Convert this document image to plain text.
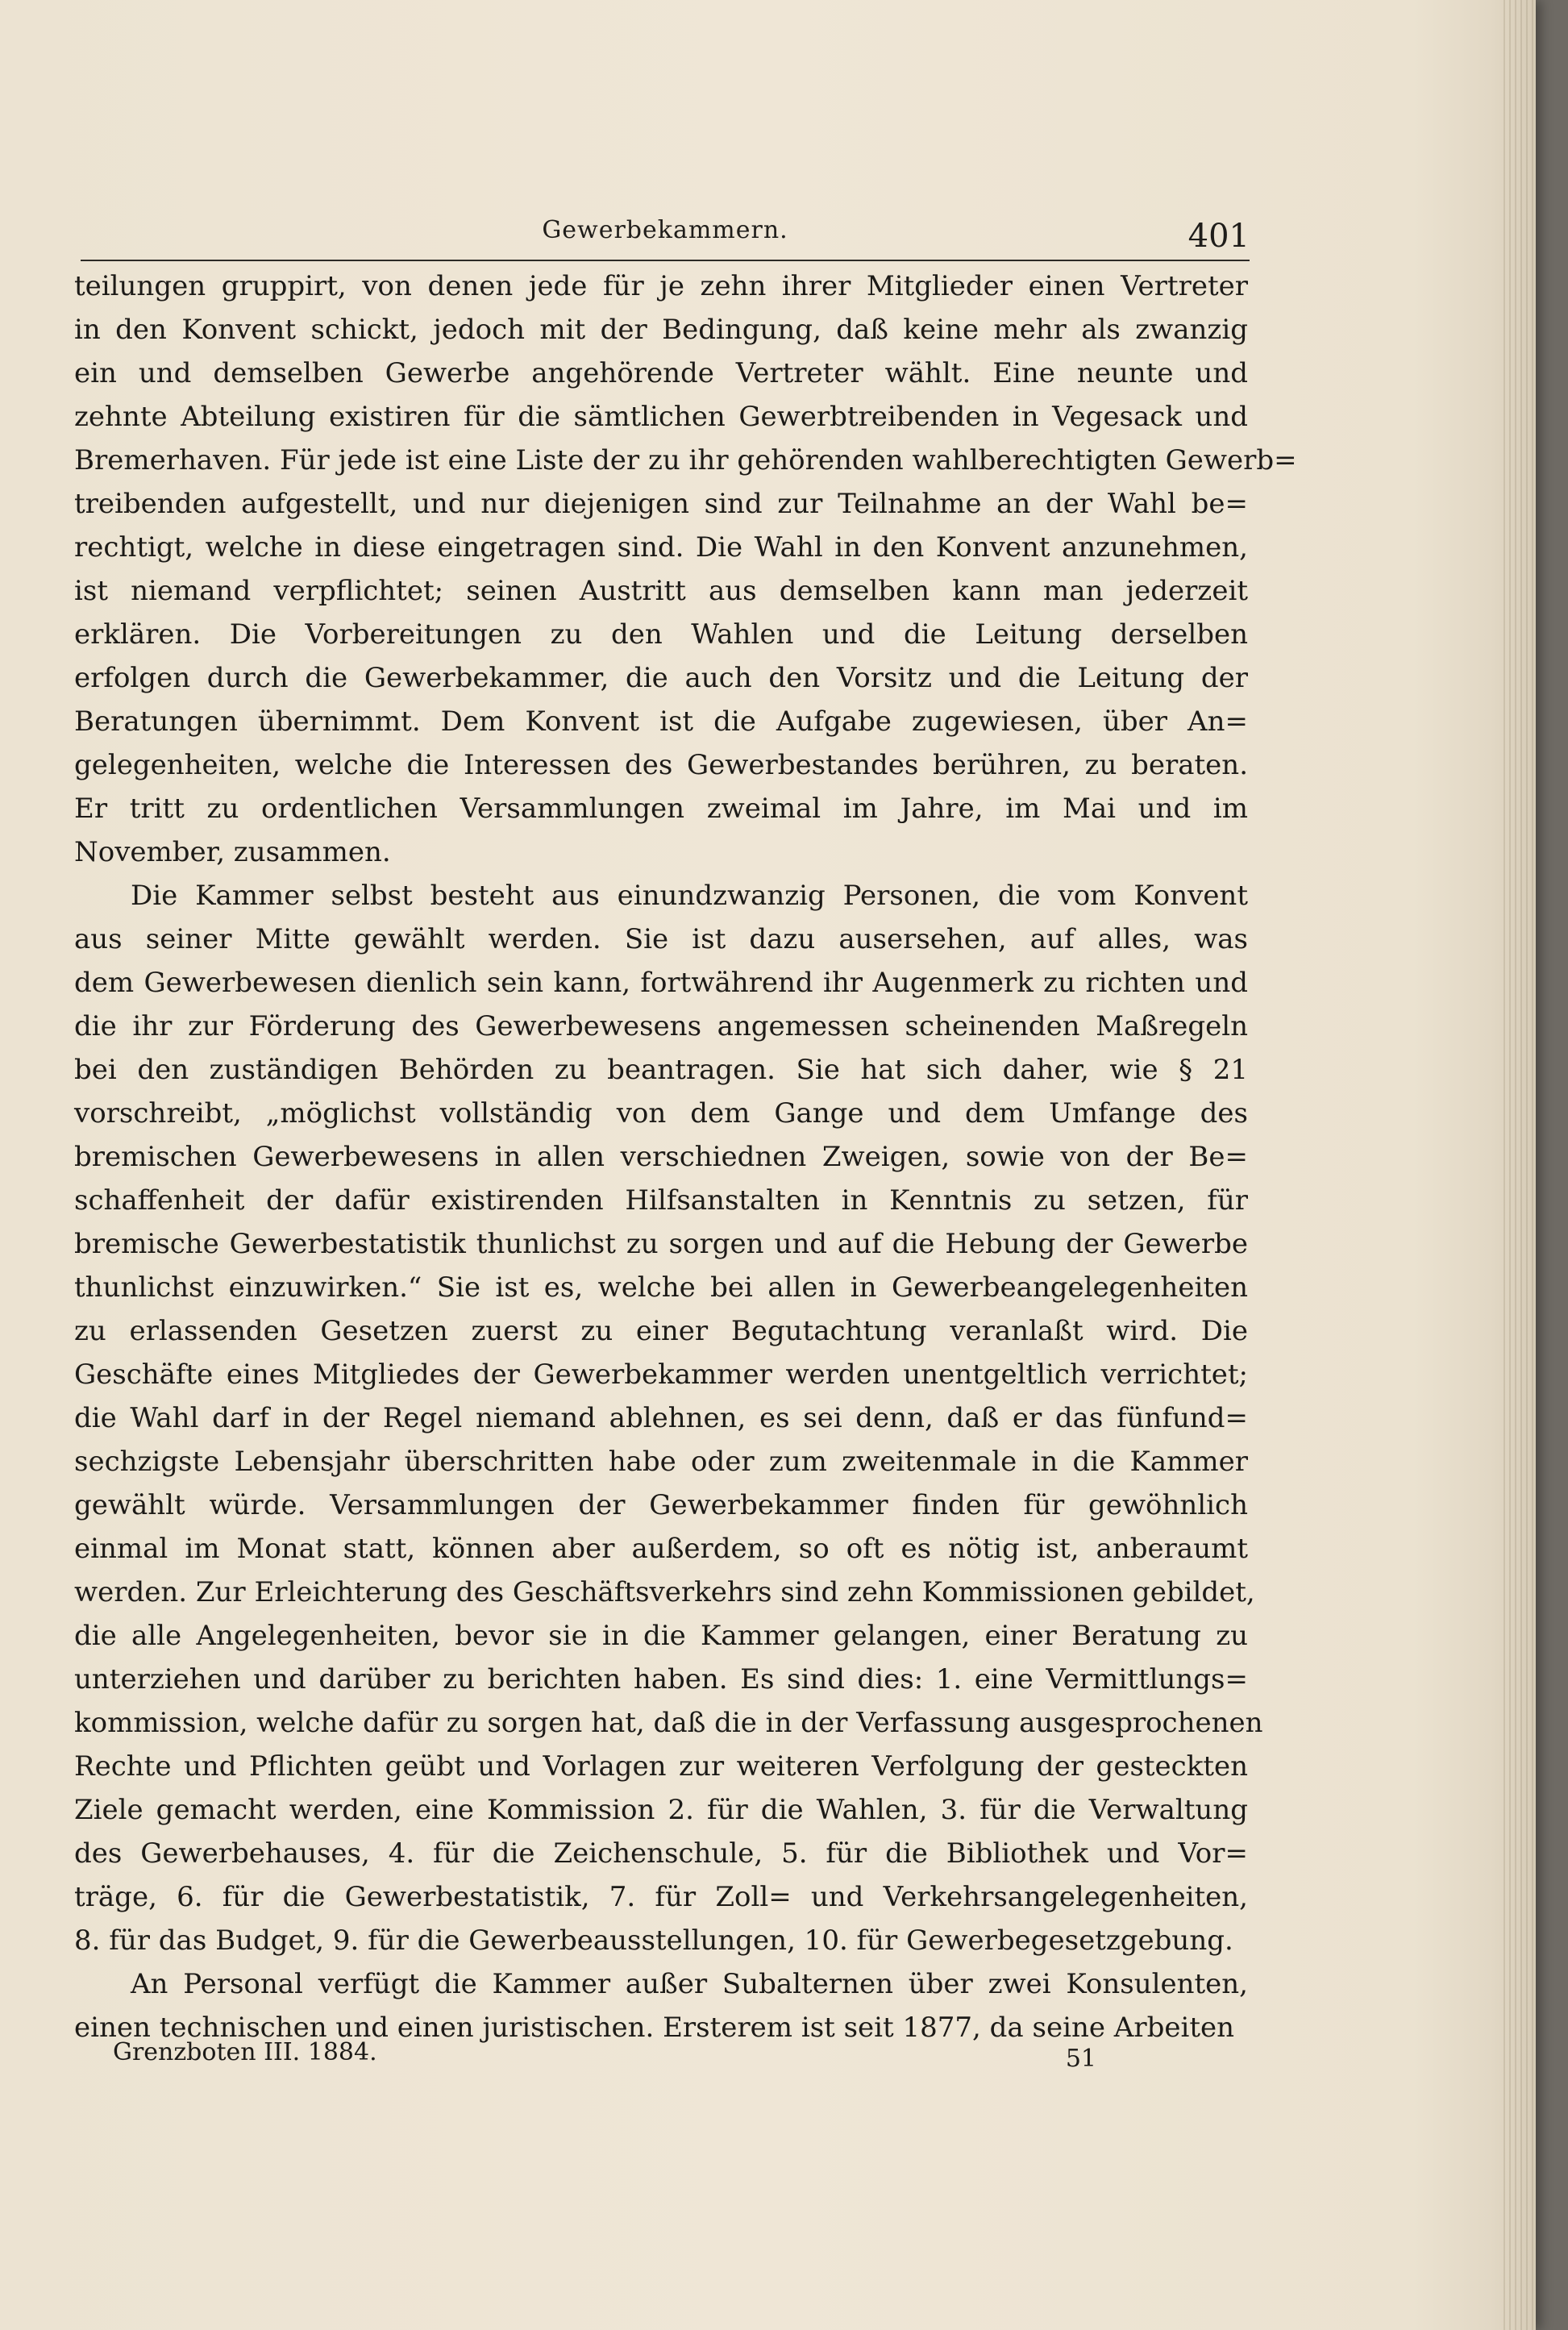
Gewerbekammern.	401
teilungen gruppirt, von denen jede für je zehn ihrer Mitglieder einen Vertreter
in den Konvent schickt, jedoch mit der Bedingung, daß keine mehr als zwanzig
ein und demselben Gewerbe angehörende Vertreter wählt. Eine neunte und
zehnte Abteilung existiren für die sämtlichen Gewerbtreibenden in Vegesack und
Bremerhaven. Für jede ist eine Liste der zu ihr gehörenden wahlberechtigten Gewerb=
treibenden aufgestellt, und nur diejenigen sind zur Teilnahme an der Wahl be=
rechtigt, welche in diese eingetragen sind. Die Wahl in den Konvent anzunehmen,
ist niemand verpflichtet; seinen Austritt aus demselben kann man jederzeit
erklären. Die Vorbereitungen zu den Wahlen und die Leitung derselben
erfolgen durch die Gewerbekammer, die auch den Vorsitz und die Leitung der
Beratungen übernimmt. Dem Konvent ist die Aufgabe zugewiesen, über An=
gelegenheiten, welche die Interessen des Gewerbestandes berühren, zu beraten.
Er tritt zu ordentlichen Versammlungen zweimal im Jahre, im Mai und im
November, zusammen.
Die Kammer selbst besteht aus einundzwanzig Personen, die vom Konvent
aus seiner Mitte gewählt werden. Sie ist dazu ausersehen, auf alles, was
dem Gewerbewesen dienlich sein kann, fortwährend ihr Augenmerk zu richten und
die ihr zur Förderung des Gewerbewesens angemessen scheinenden Maßregeln
bei den zuständigen Behörden zu beantragen. Sie hat sich daher, wie § 21
vorschreibt, „möglichst vollständig von dem Gange und dem Umfange des
bremischen Gewerbewesens in allen verschiednen Zweigen, sowie von der Be=
schaffenheit der dafür existirenden Hilfsanstalten in Kenntnis zu setzen, für
bremische Gewerbestatistik thunlichst zu sorgen und auf die Hebung der Gewerbe
thunlichst einzuwirken.“ Sie ist es, welche bei allen in Gewerbeangelegenheiten
zu erlassenden Gesetzen zuerst zu einer Begutachtung veranlaßt wird. Die
Geschäfte eines Mitgliedes der Gewerbekammer werden unentgeltlich verrichtet;
die Wahl darf in der Regel niemand ablehnen, es sei denn, daß er das fünfund=
sechzigste Lebensjahr überschritten habe oder zum zweitenmale in die Kammer
gewählt würde. Versammlungen der Gewerbekammer finden für gewöhnlich
einmal im Monat statt, können aber außerdem, so oft es nötig ist, anberaumt
werden. Zur Erleichterung des Geschäftsverkehrs sind zehn Kommissionen gebildet,
die alle Angelegenheiten, bevor sie in die Kammer gelangen, einer Beratung zu
unterziehen und darüber zu berichten haben. Es sind dies: 1. eine Vermittlungs=
kommission, welche dafür zu sorgen hat, daß die in der Verfassung ausgesprochenen
Rechte und Pflichten geübt und Vorlagen zur weiteren Verfolgung der gesteckten
Ziele gemacht werden, eine Kommission 2. für die Wahlen, 3. für die Verwaltung
des Gewerbehauses, 4. für die Zeichenschule, 5. für die Bibliothek und Vor=
träge, 6. für die Gewerbestatistik, 7. für Zoll= und Verkehrsangelegenheiten,
8. für das Budget, 9. für die Gewerbeausstellungen, 10. für Gewerbegesetzgebung.
An Personal verfügt die Kammer außer Subalternen über zwei Konsulenten,
einen technischen und einen juristischen. Ersterem ist seit 1877, da seine Arbeiten
Grenzboten III. 1884.	51
